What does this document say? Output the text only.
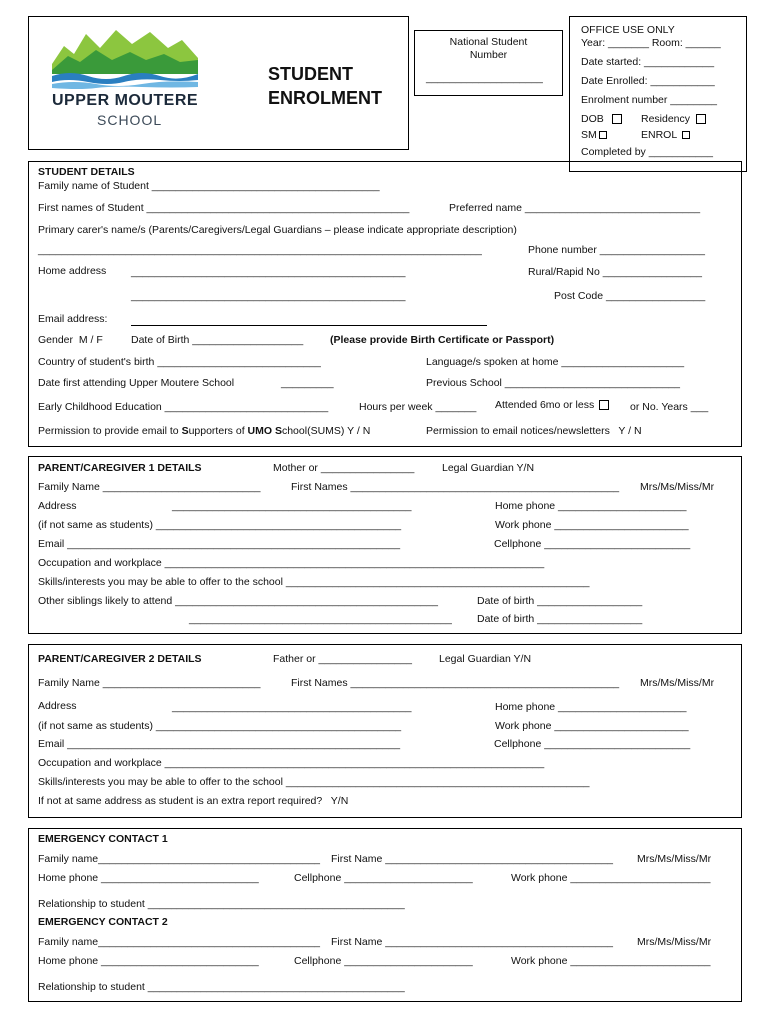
UPPER MOUTERE
SCHOOL
STUDENT
ENROLMENT
National Student
Number
____________________
OFFICE USE ONLY
Year: _______ Room: ______
Date started: ____________
Date Enrolled: ___________
Enrolment number ________
DOB	Residency
SM	ENROL
Completed by ___________
STUDENT DETAILS
Family name of Student _______________________________________
First names of Student _____________________________________________	Preferred name ______________________________
Primary carer's name/s (Parents/Caregivers/Legal Guardians – please indicate appropriate description)
____________________________________________________________________________	Phone number __________________
Home address _______________________________________________	Rural/Rapid No _________________
_______________________________________________	Post Code _________________
Email address:
Gender  M / F	Date of Birth ___________________	(Please provide Birth Certificate or Passport)
Country of student's birth ____________________________	Language/s spoken at home _____________________
Date first attending Upper Moutere School	_________	Previous School ______________________________
Early Childhood Education ____________________________	Hours per week _______ Attended 6mo or less	or No. Years ___
Permission to provide email to Supporters of UMO School(SUMS) Y / N	Permission to email notices/newsletters   Y / N
PARENT/CAREGIVER 1 DETAILS	Mother or ________________	Legal Guardian Y/N
Family Name ___________________________	First Names ______________________________________________ Mrs/Ms/Miss/Mr
Address	_________________________________________	Home phone ______________________
(if not same as students) __________________________________________	Work phone _______________________
Email _________________________________________________________	Cellphone _________________________
Occupation and workplace _________________________________________________________________
Skills/interests you may be able to offer to the school ____________________________________________________
Other siblings likely to attend _____________________________________________	Date of birth __________________
_____________________________________________ Date of birth __________________
PARENT/CAREGIVER 2 DETAILS	Father or ________________	Legal Guardian Y/N
Family Name ___________________________	First Names ______________________________________________ Mrs/Ms/Miss/Mr
Address	_________________________________________	Home phone ______________________
(if not same as students) __________________________________________	Work phone _______________________
Email _________________________________________________________	Cellphone _________________________
Occupation and workplace _________________________________________________________________
Skills/interests you may be able to offer to the school ____________________________________________________
If not at same address as student is an extra report required?   Y/N
EMERGENCY CONTACT 1
Family name______________________________________ First Name _______________________________________ Mrs/Ms/Miss/Mr
Home phone ___________________________	Cellphone ______________________	Work phone ________________________
Relationship to student ____________________________________________
EMERGENCY CONTACT 2
Family name______________________________________ First Name _______________________________________ Mrs/Ms/Miss/Mr
Home phone ___________________________	Cellphone ______________________	Work phone ________________________
Relationship to student ____________________________________________
